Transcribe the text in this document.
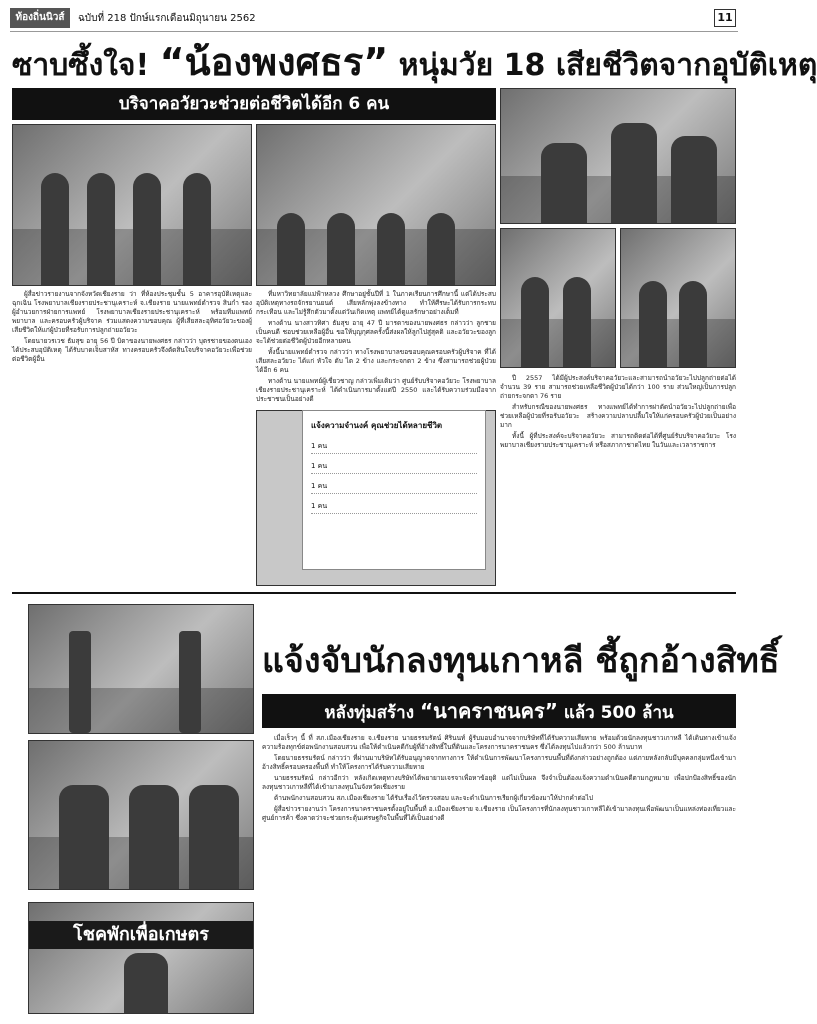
ท้องถิ่นนิวส์	ฉบับที่ 218 ปักษ์แรกเดือนมิถุนายน 2562	11
ซาบซึ้งใจ! “น้องพงศธร” หนุ่มวัย 18 เสียชีวิตจากอุบัติเหตุ
บริจาคอวัยวะช่วยต่อชีวิตได้อีก 6 คน

ผู้สื่อข่าวรายงานจากจังหวัดเชียงราย ว่า ที่ห้องประชุมชั้น 5 อาคารอุบัติเหตุและฉุกเฉิน โรงพยาบาลเชียงรายประชานุเคราะห์ จ.เชียงราย นายแพทย์ตำรวจ สินกำ รองผู้อำนวยการฝ่ายการแพทย์ โรงพยาบาลเชียงรายประชานุเคราะห์ พร้อมทีมแพทย์ พยาบาล และครอบครัวผู้บริจาค ร่วมแสดงความขอบคุณ ผู้ที่เสียสละอุทิศอวัยวะของผู้เสียชีวิตให้แก่ผู้ป่วยที่รอรับการปลูกถ่ายอวัยวะ

โดยนายวรเวช ธัมสุข อายุ 56 ปี บิดาของนายพงศธร กล่าวว่า บุตรชายของตนเองได้ประสบอุบัติเหตุ ได้รับบาดเจ็บสาหัส ทางครอบครัวจึงตัดสินใจบริจาคอวัยวะเพื่อช่วยต่อชีวิตผู้อื่น

ที่มหาวิทยาลัยแม่ฟ้าหลวง ศึกษาอยู่ชั้นปีที่ 1 ในภาคเรียนการศึกษานี้ แต่ได้ประสบอุบัติเหตุทางรถจักรยานยนต์ เสียหลักพุ่งลงข้างทาง ทำให้ศีรษะได้รับการกระทบกระเทือน และไม่รู้สึกตัวมาตั้งแต่วันเกิดเหตุ แพทย์ได้ดูแลรักษาอย่างเต็มที่

ทางด้าน นางสาวทิศา ธัมสุข อายุ 47 ปี มารดาของนายพงศธร กล่าวว่า ลูกชายเป็นคนดี ชอบช่วยเหลือผู้อื่น ขอให้บุญกุศลครั้งนี้ส่งผลให้ลูกไปสู่สุคติ และอวัยวะของลูกจะได้ช่วยต่อชีวิตผู้ป่วยอีกหลายคน

ทั้งนี้นายแพทย์ตำรวจ กล่าวว่า ทางโรงพยาบาลขอขอบคุณครอบครัวผู้บริจาค ที่ได้เสียสละอวัยวะ ได้แก่ หัวใจ ตับ ไต 2 ข้าง และกระจกตา 2 ข้าง ซึ่งสามารถช่วยผู้ป่วยได้อีก 6 คน

ทางด้าน นายแพทย์ผู้เชี่ยวชาญ กล่าวเพิ่มเติมว่า ศูนย์รับบริจาคอวัยวะ โรงพยาบาลเชียงรายประชานุเคราะห์ ได้ดำเนินการมาตั้งแต่ปี 2550 และได้รับความร่วมมือจากประชาชนเป็นอย่างดี

แจ้งความจำนงค์ คุณช่วยได้หลายชีวิต
1 คน
1 คน
1 คน
1 คน

ปี 2557 ได้มีผู้ประสงค์บริจาคอวัยวะและสามารถนำอวัยวะไปปลูกถ่ายต่อได้จำนวน 39 ราย สามารถช่วยเหลือชีวิตผู้ป่วยได้กว่า 100 ราย ส่วนใหญ่เป็นการปลูกถ่ายกระจกตา 76 ราย

สำหรับกรณีของนายพงศธร ทางแพทย์ได้ทำการผ่าตัดนำอวัยวะไปปลูกถ่ายเพื่อช่วยเหลือผู้ป่วยที่รอรับอวัยวะ สร้างความปลาบปลื้มใจให้แก่ครอบครัวผู้ป่วยเป็นอย่างมาก

ทั้งนี้ ผู้ที่ประสงค์จะบริจาคอวัยวะ สามารถติดต่อได้ที่ศูนย์รับบริจาคอวัยวะ โรงพยาบาลเชียงรายประชานุเคราะห์ หรือสภากาชาดไทย ในวันและเวลาราชการ

แจ้งจับนักลงทุนเกาหลี ชี้ถูกอ้างสิทธิ์
หลังทุ่มสร้าง “นาคราชนคร” แล้ว 500 ล้าน
โชคพักเพื่อเกษตร

เมื่อเร็วๆ นี้ ที่ สภ.เมืองเชียงราย จ.เชียงราย นายธรรมรัตน์ ศิรินนท์ ผู้รับมอบอำนาจจากบริษัทที่ได้รับความเสียหาย พร้อมด้วยนักลงทุนชาวเกาหลี ได้เดินทางเข้าแจ้งความร้องทุกข์ต่อพนักงานสอบสวน เพื่อให้ดำเนินคดีกับผู้ที่อ้างสิทธิ์ในที่ดินและโครงการนาคราชนคร ซึ่งได้ลงทุนไปแล้วกว่า 500 ล้านบาท

โดยนายธรรมรัตน์ กล่าวว่า ที่ผ่านมาบริษัทได้รับอนุญาตจากทางการ ให้ดำเนินการพัฒนาโครงการบนพื้นที่ดังกล่าวอย่างถูกต้อง แต่ภายหลังกลับมีบุคคลกลุ่มหนึ่งเข้ามาอ้างสิทธิ์ครอบครองพื้นที่ ทำให้โครงการได้รับความเสียหาย

นายธรรมรัตน์ กล่าวอีกว่า หลังเกิดเหตุทางบริษัทได้พยายามเจรจาเพื่อหาข้อยุติ แต่ไม่เป็นผล จึงจำเป็นต้องแจ้งความดำเนินคดีตามกฎหมาย เพื่อปกป้องสิทธิ์ของนักลงทุนชาวเกาหลีที่ได้เข้ามาลงทุนในจังหวัดเชียงราย

ด้านพนักงานสอบสวน สภ.เมืองเชียงราย ได้รับเรื่องไว้ตรวจสอบ และจะดำเนินการเรียกผู้เกี่ยวข้องมาให้ปากคำต่อไป

ผู้สื่อข่าวรายงานว่า โครงการนาคราชนครตั้งอยู่ในพื้นที่ อ.เมืองเชียงราย จ.เชียงราย เป็นโครงการที่นักลงทุนชาวเกาหลีได้เข้ามาลงทุนเพื่อพัฒนาเป็นแหล่งท่องเที่ยวและศูนย์การค้า ซึ่งคาดว่าจะช่วยกระตุ้นเศรษฐกิจในพื้นที่ได้เป็นอย่างดี
